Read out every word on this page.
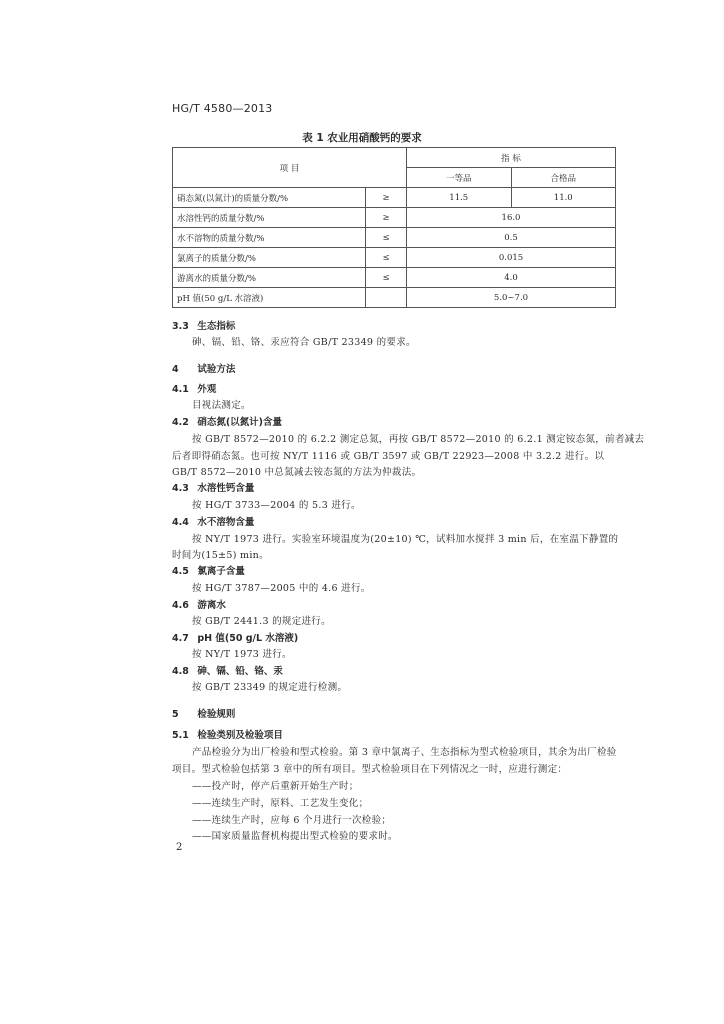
HG/T 4580—2013
表 1 农业用硝酸钙的要求
项 目		指 标	
		一等品	合格品
硝态氮(以氮计)的质量分数/%	≥	11.5	11.0
水溶性钙的质量分数/%	≥	16.0	
水不溶物的质量分数/%	≤	0.5	
氯离子的质量分数/%	≤	0.015	
游离水的质量分数/%	≤	4.0	
pH 值(50 g/L 水溶液)		5.0~7.0	
3.3 生态指标
砷、镉、铅、铬、汞应符合 GB/T 23349 的要求。
4 试验方法
4.1 外观
目视法测定。
4.2 硝态氮(以氮计)含量
按 GB/T 8572—2010 的 6.2.2 测定总氮，再按 GB/T 8572—2010 的 6.2.1 测定铵态氮，前者减去
后者即得硝态氮。也可按 NY/T 1116 或 GB/T 3597 或 GB/T 22923—2008 中 3.2.2 进行。以
GB/T 8572—2010 中总氮减去铵态氮的方法为仲裁法。
4.3 水溶性钙含量
按 HG/T 3733—2004 的 5.3 进行。
4.4 水不溶物含量
按 NY/T 1973 进行。实验室环境温度为(20±10) ℃，试料加水搅拌 3 min 后，在室温下静置的
时间为(15±5) min。
4.5 氯离子含量
按 HG/T 3787—2005 中的 4.6 进行。
4.6 游离水
按 GB/T 2441.3 的规定进行。
4.7 pH 值(50 g/L 水溶液)
按 NY/T 1973 进行。
4.8 砷、镉、铅、铬、汞
按 GB/T 23349 的规定进行检测。
5 检验规则
5.1 检验类别及检验项目
产品检验分为出厂检验和型式检验。第 3 章中氯离子、生态指标为型式检验项目，其余为出厂检验
项目。型式检验包括第 3 章中的所有项目。型式检验项目在下列情况之一时，应进行测定：
——投产时，停产后重新开始生产时；
——连续生产时，原料、工艺发生变化；
——连续生产时，应每 6 个月进行一次检验；
——国家质量监督机构提出型式检验的要求时。
2
